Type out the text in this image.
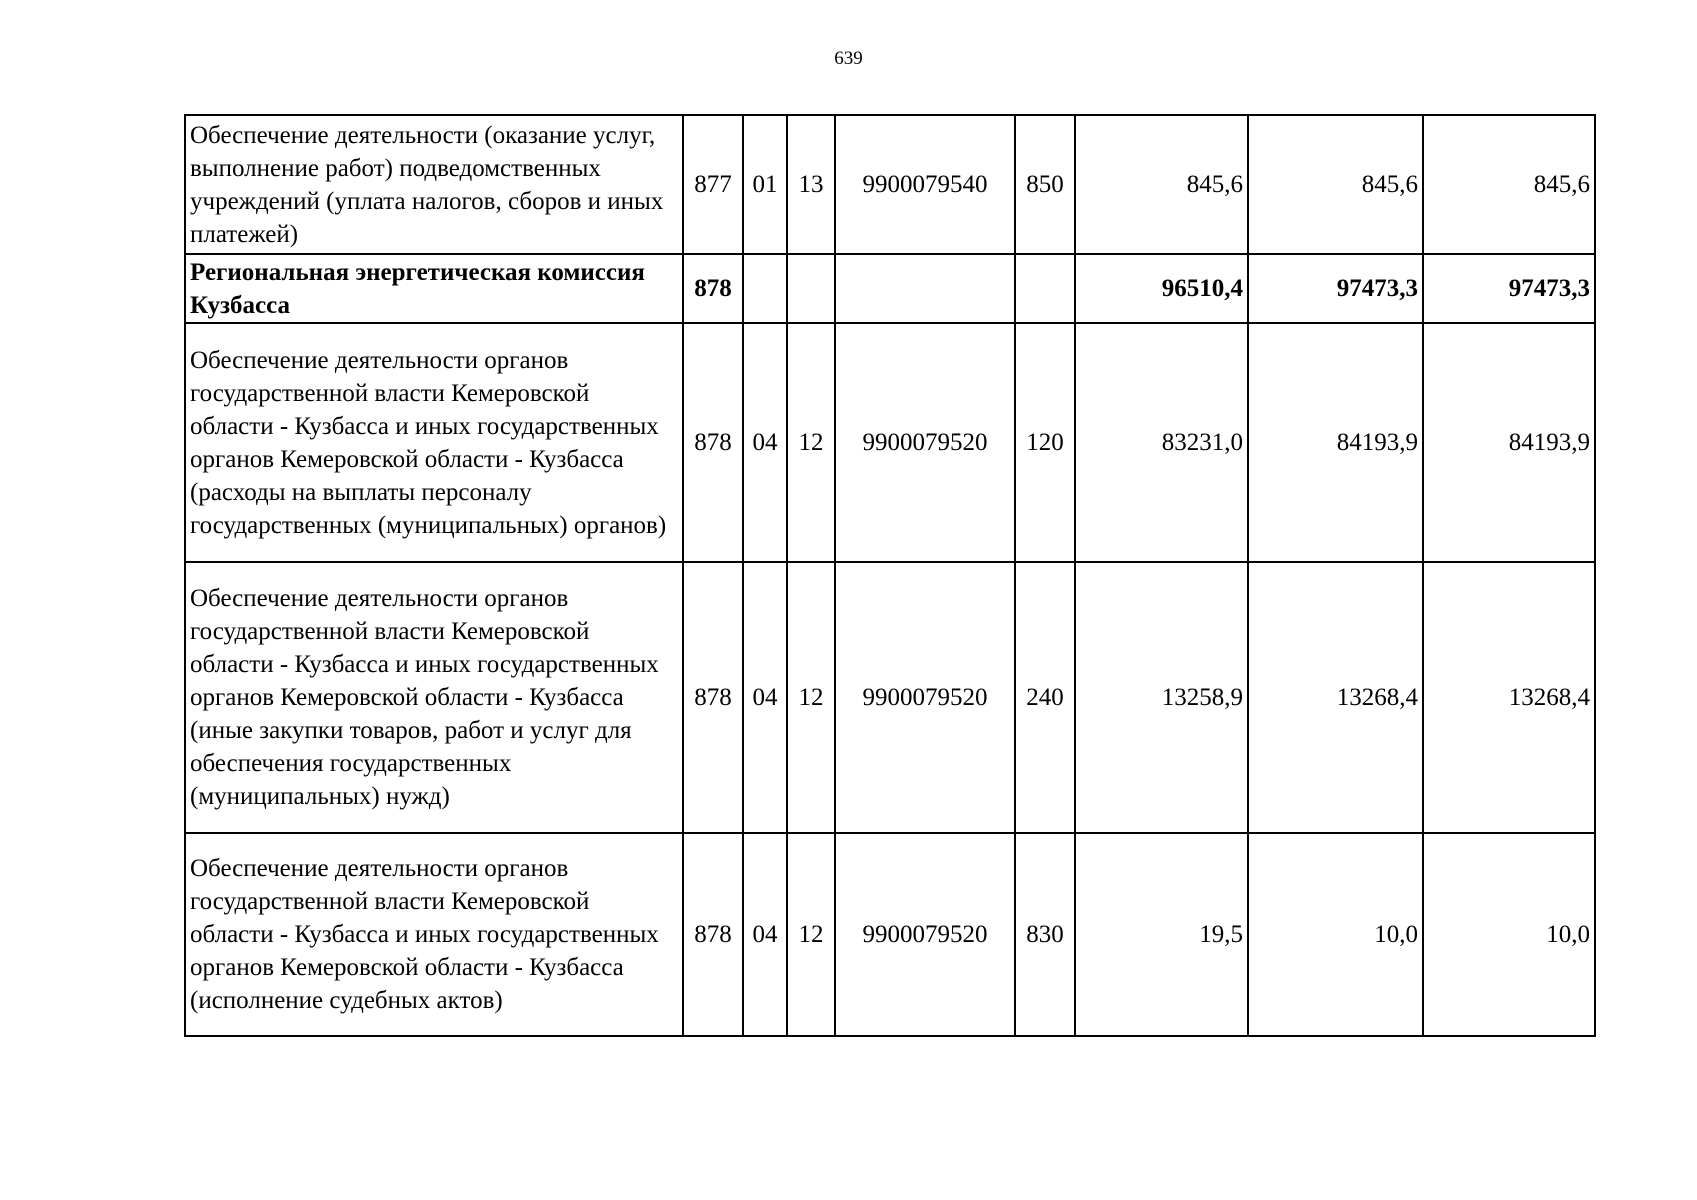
639
Обеспечение деятельности (оказание услуг, выполнение работ) подведомственных учреждений (уплата налогов, сборов и иных платежей)	877	01	13	9900079540	850	845,6	845,6	845,6
Региональная энергетическая комиссия Кузбасса	878					96510,4	97473,3	97473,3
Обеспечение деятельности органов государственной власти Кемеровской области - Кузбасса и иных государственных органов Кемеровской области - Кузбасса (расходы на выплаты персоналу государственных (муниципальных) органов)	878	04	12	9900079520	120	83231,0	84193,9	84193,9
Обеспечение деятельности органов государственной власти Кемеровской области - Кузбасса и иных государственных органов Кемеровской области - Кузбасса (иные закупки товаров, работ и услуг для обеспечения государственных (муниципальных) нужд)	878	04	12	9900079520	240	13258,9	13268,4	13268,4
Обеспечение деятельности органов государственной власти Кемеровской области - Кузбасса и иных государственных органов Кемеровской области - Кузбасса (исполнение судебных актов)	878	04	12	9900079520	830	19,5	10,0	10,0
